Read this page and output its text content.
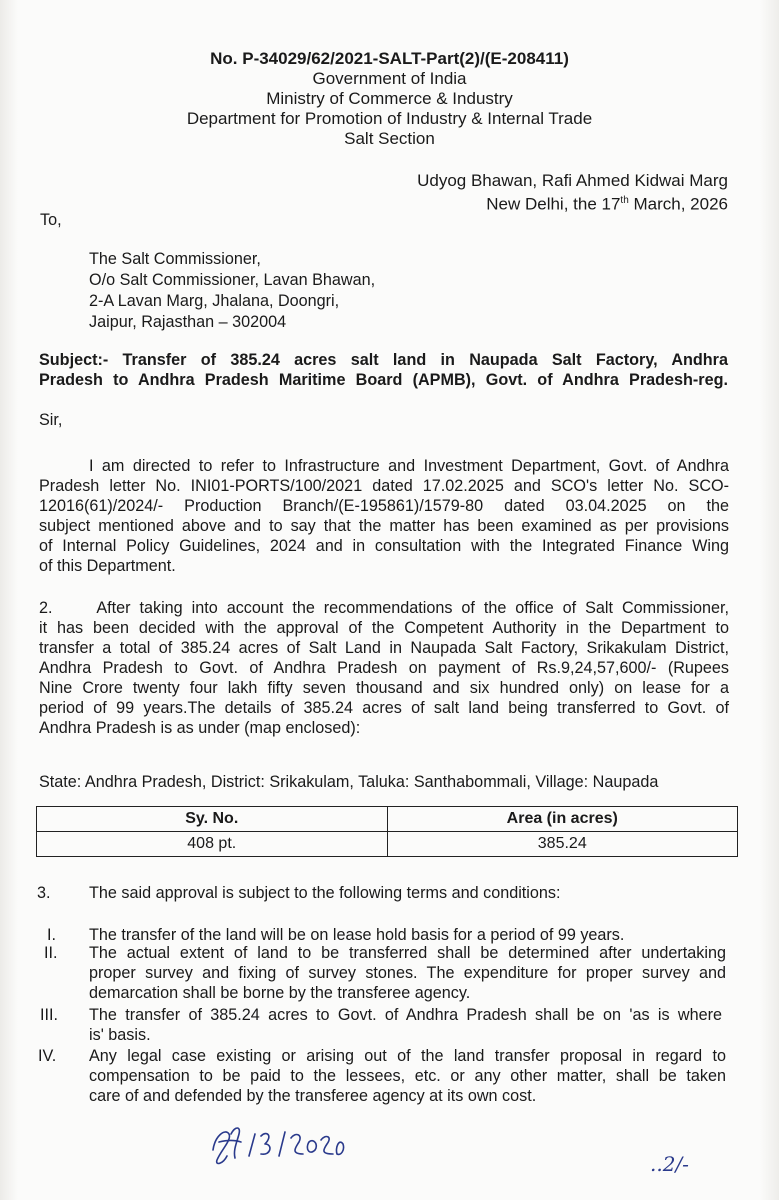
No. P-34029/62/2021-SALT-Part(2)/(E-208411)
Government of India
Ministry of Commerce & Industry
Department for Promotion of Industry & Internal Trade
Salt Section
Udyog Bhawan, Rafi Ahmed Kidwai Marg
New Delhi, the 17th March, 2026
To,
The Salt Commissioner,
O/o Salt Commissioner, Lavan Bhawan,
2-A Lavan Marg, Jhalana, Doongri,
Jaipur, Rajasthan – 302004
Subject:- Transfer of 385.24 acres salt land in Naupada Salt Factory, Andhra
Pradesh to Andhra Pradesh Maritime Board (APMB), Govt. of Andhra Pradesh-reg.
Sir,
I am directed to refer to Infrastructure and Investment Department, Govt. of Andhra
Pradesh letter No. INI01-PORTS/100/2021 dated 17.02.2025 and SCO's letter No. SCO-
12016(61)/2024/- Production Branch/(E-195861)/1579-80 dated 03.04.2025 on the
subject mentioned above and to say that the matter has been examined as per provisions
of Internal Policy Guidelines, 2024 and in consultation with the Integrated Finance Wing
of this Department.
2.     After taking into account the recommendations of the office of Salt Commissioner,
it has been decided with the approval of the Competent Authority in the Department to
transfer a total of 385.24 acres of Salt Land in Naupada Salt Factory, Srikakulam District,
Andhra Pradesh to Govt. of Andhra Pradesh on payment of Rs.9,24,57,600/- (Rupees
Nine Crore twenty four lakh fifty seven thousand and six hundred only) on lease for a
period of 99 years.The details of 385.24 acres of salt land being transferred to Govt. of
Andhra Pradesh is as under (map enclosed):
State: Andhra Pradesh, District: Srikakulam, Taluka: Santhabommali, Village: Naupada
Sy. No.	Area (in acres)
408 pt.	385.24
3. The said approval is subject to the following terms and conditions:
I. The transfer of the land will be on lease hold basis for a period of 99 years.
II. The actual extent of land to be transferred shall be determined after undertaking
proper survey and fixing of survey stones. The expenditure for proper survey and
demarcation shall be borne by the transferee agency.
III. The transfer of 385.24 acres to Govt. of Andhra Pradesh shall be on 'as is where
is' basis.
IV. Any legal case existing or arising out of the land transfer proposal in regard to
compensation to be paid to the lessees, etc. or any other matter, shall be taken
care of and defended by the transferee agency at its own cost.
..2/-
